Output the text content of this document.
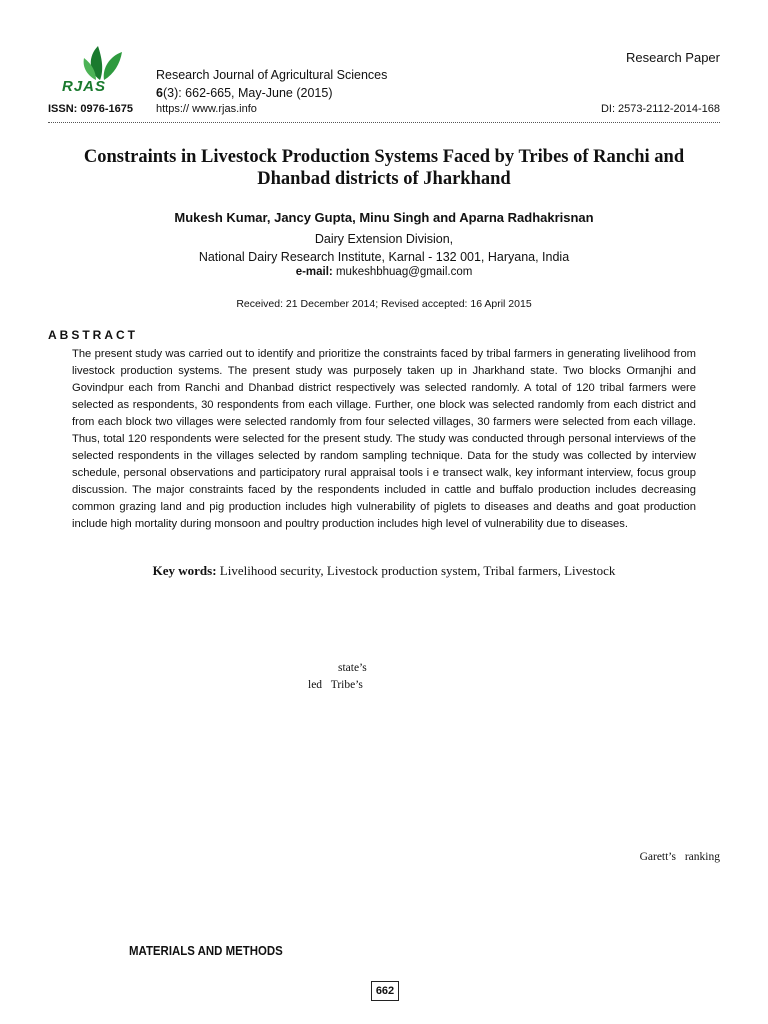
RJAS
Research Journal of Agricultural Sciences
6(3): 662-665, May-June (2015)
Research Paper
ISSN: 0976-1675 https:// www.rjas.info	DI: 2573-2112-2014-168
Constraints in Livestock Production Systems Faced by Tribes of Ranchi and Dhanbad districts of Jharkhand
Mukesh Kumar, Jancy Gupta, Minu Singh and Aparna Radhakrisnan
Dairy Extension Division,
National Dairy Research Institute, Karnal - 132 001, Haryana, India
e-mail: mukeshbhuag@gmail.com
Received: 21 December 2014; Revised accepted: 16 April 2015
ABSTRACT
The present study was carried out to identify and prioritize the constraints faced by tribal farmers in generating livelihood from livestock production systems. The present study was purposely taken up in Jharkhand state. Two blocks Ormanjhi and Govindpur each from Ranchi and Dhanbad district respectively was selected randomly. A total of 120 tribal farmers were selected as respondents, 30 respondents from each village. Further, one block was selected randomly from each district and from each block two villages were selected randomly from four selected villages, 30 farmers were selected from each village. Thus, total 120 respondents were selected for the present study. The study was conducted through personal interviews of the selected respondents in the villages selected by random sampling technique. Data for the study was collected by interview schedule, personal observations and participatory rural appraisal tools i e transect walk, key informant interview, focus group discussion. The major constraints faced by the respondents included in cattle and buffalo production includes decreasing common grazing land and pig production includes high vulnerability of piglets to diseases and deaths and goat production include high mortality during monsoon and poultry production includes high level of vulnerability due to diseases.
Key words: Livelihood security, Livestock production system, Tribal farmers, Livestock
state’s
led Tribe’s
Garett’s ranking
MATERIALS AND METHODS
662
